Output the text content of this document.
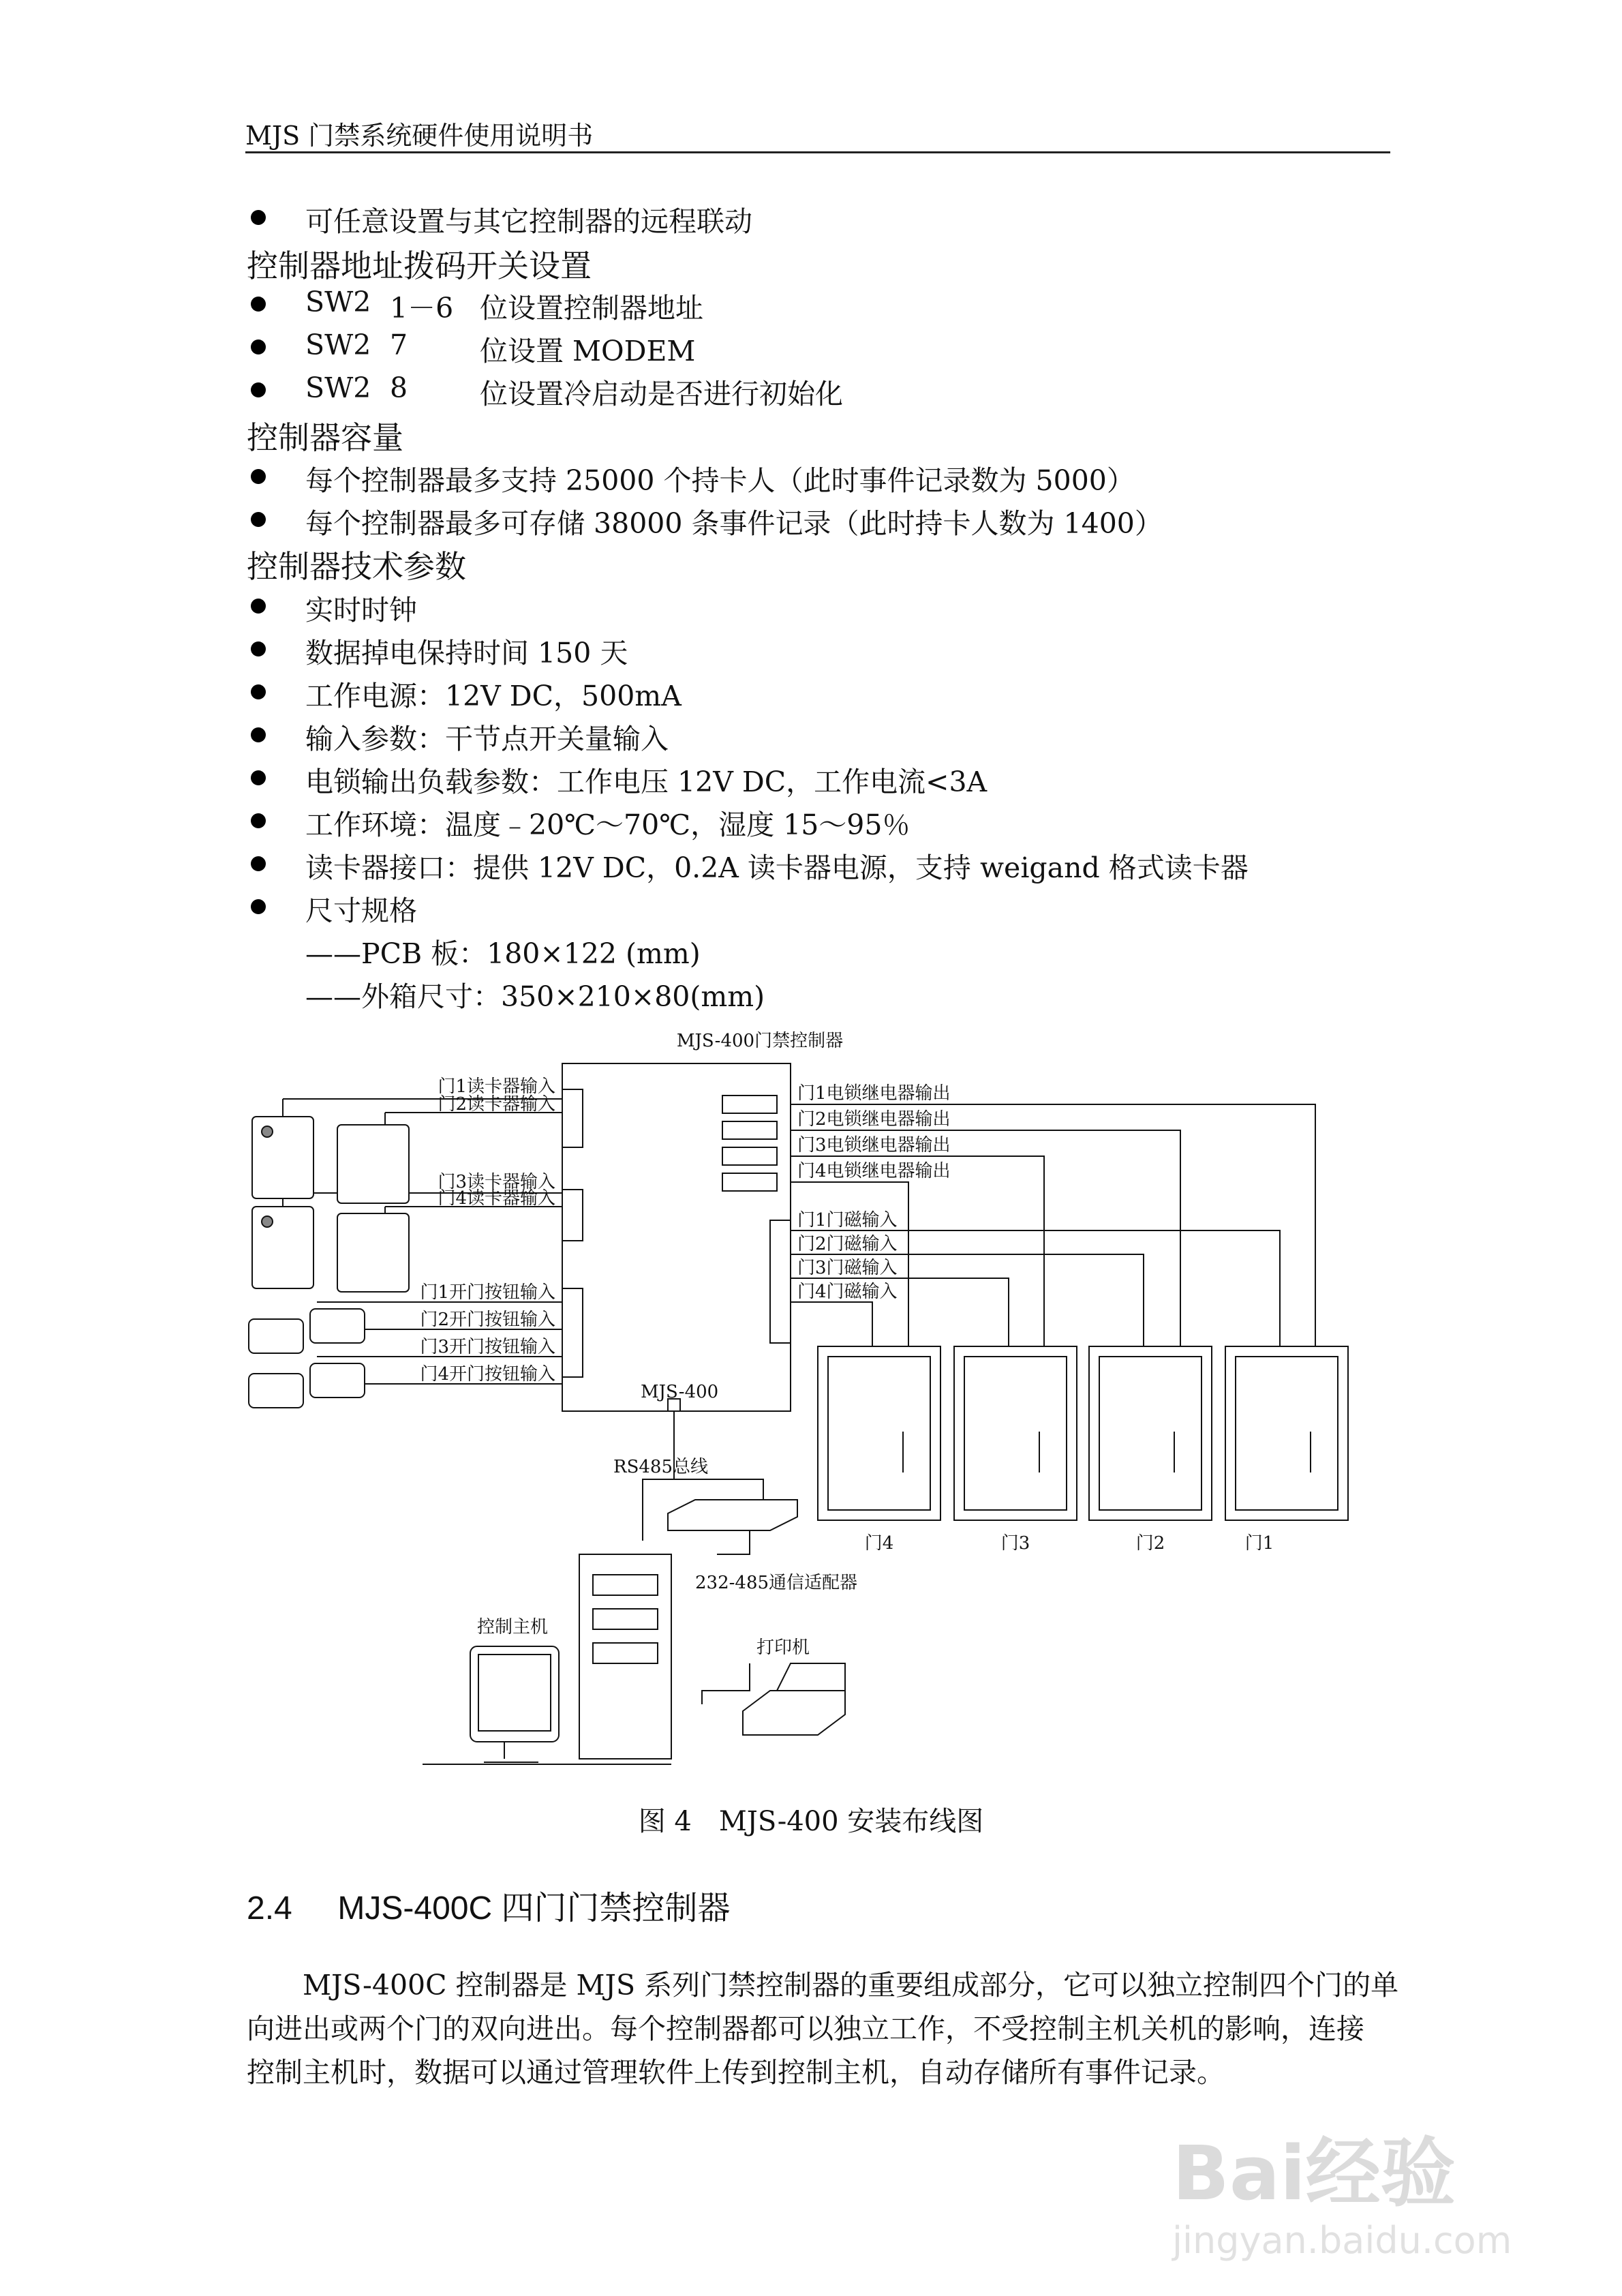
MJS 门禁系统硬件使用说明书
可任意设置与其它控制器的远程联动
控制器地址拨码开关设置
SW2 1－6 位设置控制器地址
SW2 7	位设置 MODEM
SW2 8	位设置冷启动是否进行初始化
控制器容量
每个控制器最多支持 25000 个持卡人（此时事件记录数为 5000）
每个控制器最多可存储 38000 条事件记录（此时持卡人数为 1400）
控制器技术参数
实时时钟
数据掉电保持时间 150 天
工作电源：12V DC，500mA
输入参数：干节点开关量输入
电锁输出负载参数：工作电压 12V DC，工作电流<3A
工作环境：温度﹣20℃～70℃，湿度 15～95％
读卡器接口：提供 12V DC，0.2A 读卡器电源，支持 weigand 格式读卡器
尺寸规格
——PCB 板：180×122 (mm)
——外箱尺寸：350×210×80(mm)
MJS-400门禁控制器
MJS-400
门1读卡器输入
门2读卡器输入
门3读卡器输入
门4读卡器输入
门1开门按钮输入
门2开门按钮输入
门3开门按钮输入
门4开门按钮输入
门1电锁继电器输出
门2电锁继电器输出
门3电锁继电器输出
门4电锁继电器输出
门1门磁输入
门2门磁输入
门3门磁输入
门4门磁输入
门4	门3	门2	门1
RS485总线
232-485通信适配器
控制主机
打印机
图 4　MJS-400 安装布线图
2.4 MJS-400C 四门门禁控制器
MJS-400C 控制器是 MJS 系列门禁控制器的重要组成部分，它可以独立控制四个门的单
向进出或两个门的双向进出。每个控制器都可以独立工作，不受控制主机关机的影响，连接
控制主机时，数据可以通过管理软件上传到控制主机，自动存储所有事件记录。
Bai经验
jingyan.baidu.com
